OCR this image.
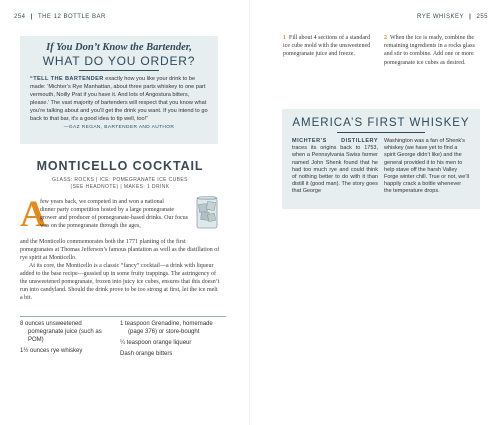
254 | THE 12 BOTTLE BAR
If You Don’t Know the Bartender,
WHAT DO YOU ORDER?
“TELL THE BARTENDER exactly how you like your drink to be made: ‘Michter’s Rye Manhattan, about three parts whiskey to one part vermouth, Noilly Prat if you have it. And lots of Angostura bitters, please.’ The vast majority of bartenders will respect that you know what you’re talking about and you’ll get the drink you want. If you intend to go back to that bar, it’s a good idea to tip well, too!”
—GAZ REGAN, BARTENDER AND AUTHOR
MONTICELLO COCKTAIL
GLASS: ROCKS | ICE: POMEGRANATE ICE CUBES
(SEE HEADNOTE) | MAKES: 1 DRINK
A
few years back, we competed in and won a national
dinner party competition hosted by a large pomegranate grower and producer of pomegranate-based drinks. Our focus was on the pomegranate through the ages,
and the Monticello commemorates both the 1771 planting of the first pomegranates at Thomas Jefferson’s famous plantation as well as the distillation of rye spirit at Monticello.
At its core, the Monticello is a classic “fancy” cocktail—a drink with liqueur added to the base recipe—gussied up in some fruity trappings. The astringency of the unsweetened pomegranate, frozen into juicy ice cubes, ensures that this doesn’t run into candyland. Should the drink prove to be too strong at first, let the ice melt a bit.
8 ounces unsweetened pomegranate juice (such as POM)
1½ ounces rye whiskey
1 teaspoon Grenadine, homemade (page 376) or store-bought
¼ teaspoon orange liqueur
Dash orange bitters
RYE WHISKEY | 255
1 Fill about 4 sections of a standard ice cube mold with the unsweetened pomegranate juice and freeze.
2 When the ice is ready, combine the remaining ingredients in a rocks glass and stir to combine. Add one or more pomegranate ice cubes as desired.
AMERICA’S FIRST WHISKEY
MICHTER’S DISTILLERY traces its origins back to 1753, when a Pennsylvania Swiss farmer named John Shenk found that he had too much rye and could think of nothing better to do with it than distill it (good man). The story goes that George
Washington was a fan of Shenk’s whiskey (we have yet to find a spirit George didn’t like) and the general provided it to his men to help stave off the harsh Valley Forge winter chill. True or not, we’ll happily crack a bottle whenever the temperature drops.
